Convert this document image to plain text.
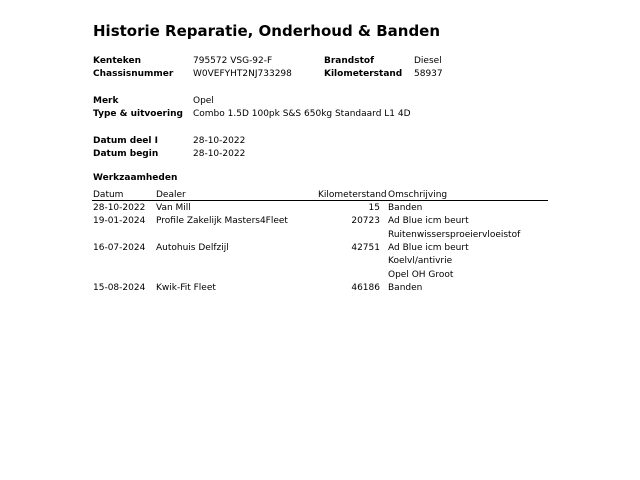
Historie Reparatie, Onderhoud & Banden
Kenteken	795572 VSG-92-F	Brandstof	Diesel
Chassisnummer W0VEFYHT2NJ733298	Kilometerstand 58937
Merk	Opel
Type & uitvoering Combo 1.5D 100pk S&S 650kg Standaard L1 4D
Datum deel I	28-10-2022
Datum begin	28-10-2022
Werkzaamheden
Datum	Dealer	Kilometerstand Omschrijving
28-10-2022 Van Mill	15 Banden
19-01-2024 Profile Zakelijk Masters4Fleet	20723 Ad Blue icm beurt
Ruitenwissersproeiervloeistof
16-07-2024 Autohuis Delfzijl	42751 Ad Blue icm beurt
Koelvl/antivrie
Opel OH Groot
15-08-2024 Kwik-Fit Fleet	46186 Banden
